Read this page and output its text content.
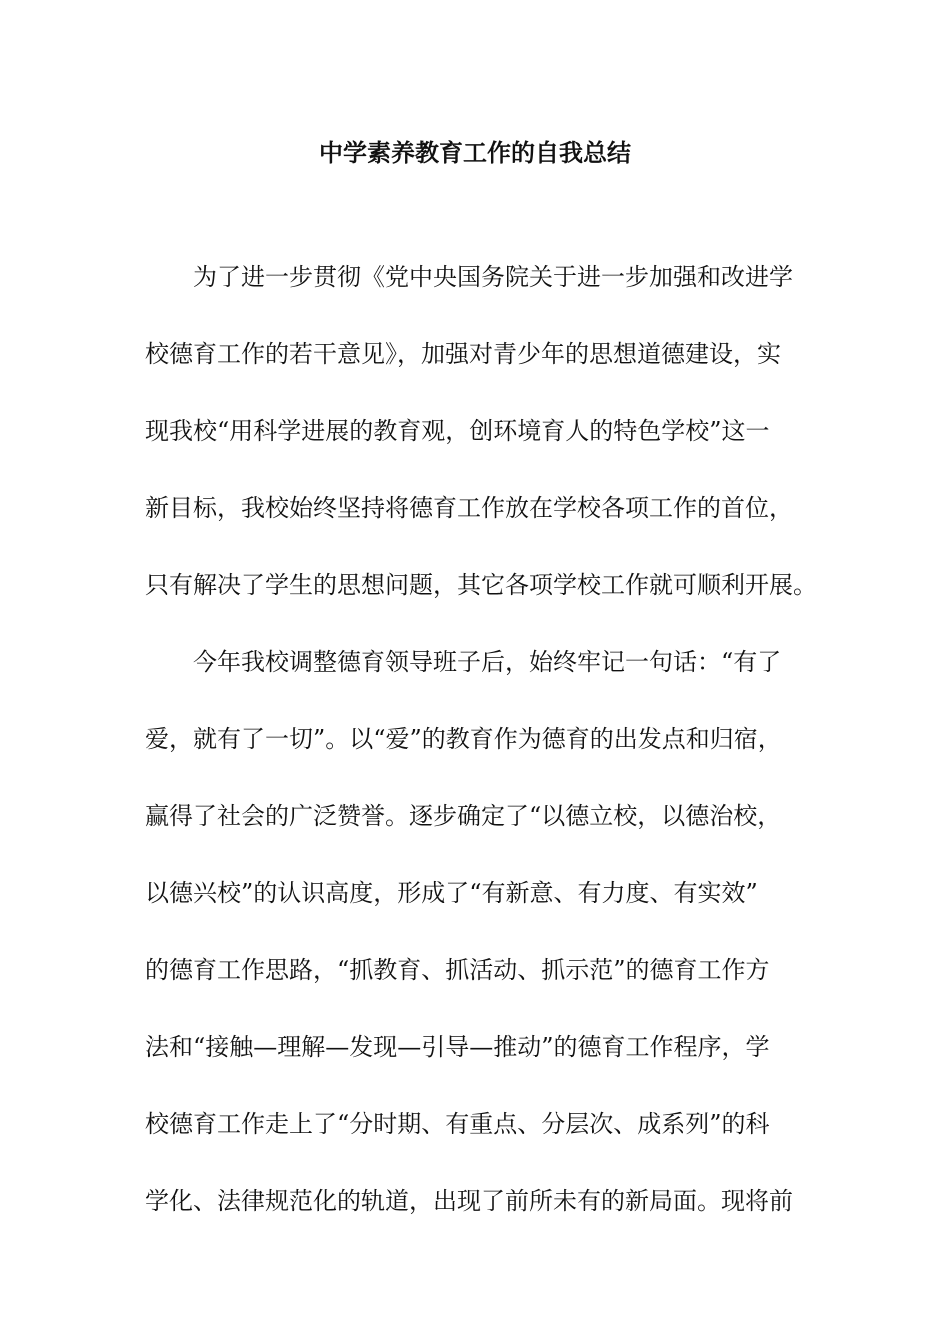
中学素养教育工作的自我总结

为了进一步贯彻《党中央国务院关于进一步加强和改进学

校德育工作的若干意见》，加强对青少年的思想道德建设，实

现我校“用科学进展的教育观，创环境育人的特色学校”这一

新目标，我校始终坚持将德育工作放在学校各项工作的首位，

只有解决了学生的思想问题，其它各项学校工作就可顺利开展。

今年我校调整德育领导班子后，始终牢记一句话：“有了

爱，就有了一切”。以“爱”的教育作为德育的出发点和归宿，

赢得了社会的广泛赞誉。逐步确定了“以德立校，以德治校，

以德兴校”的认识高度，形成了“有新意、有力度、有实效”

的德育工作思路，“抓教育、抓活动、抓示范”的德育工作方

法和“接触—理解—发现—引导—推动”的德育工作程序，学

校德育工作走上了“分时期、有重点、分层次、成系列”的科

学化、法律规范化的轨道，出现了前所未有的新局面。现将前
